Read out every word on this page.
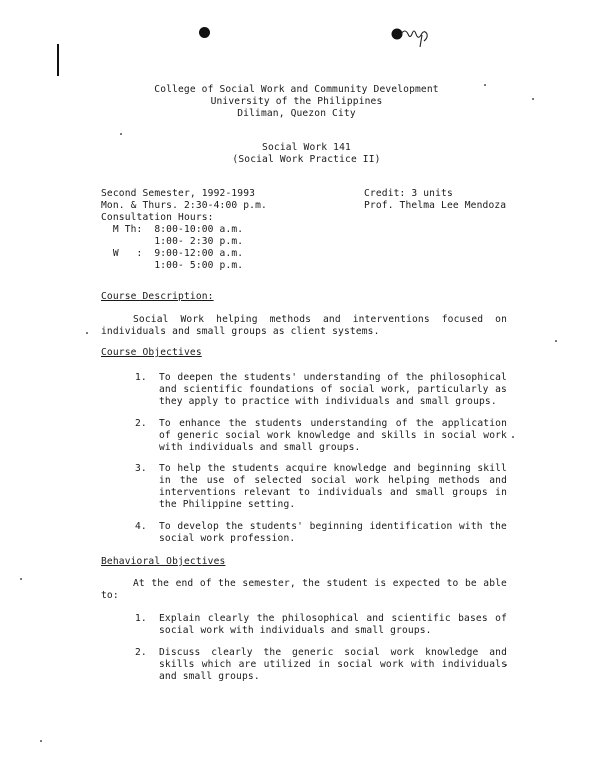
College of Social Work and Community Development
University of the Philippines
Diliman, Quezon City
Social Work 141
(Social Work Practice II)
Second Semester, 1992-1993
Mon. & Thurs. 2:30-4:00 p.m.
Consultation Hours:
M Th:  8:00-10:00 a.m.
1:00- 2:30 p.m.
W   :  9:00-12:00 a.m.
1:00- 5:00 p.m.
Credit: 3 units
Prof. Thelma Lee Mendoza
Course Description:
Social Work helping methods and interventions focused on individuals and small groups as client systems.
Course Objectives
1. To deepen the students' understanding of the philosophical and scientific foundations of social work, particularly as they apply to practice with individuals and small groups.
2. To enhance the students understanding of the application of generic social work knowledge and skills in social work with individuals and small groups.
3. To help the students acquire knowledge and beginning skill in the use of selected social work helping methods and interventions relevant to individuals and small groups in the Philippine setting.
4. To develop the students' beginning identification with the social work profession.
Behavioral Objectives
At the end of the semester, the student is expected to be able to:
1. Explain clearly the philosophical and scientific bases of social work with individuals and small groups.
2. Discuss clearly the generic social work knowledge and skills which are utilized in social work with individuals and small groups.
